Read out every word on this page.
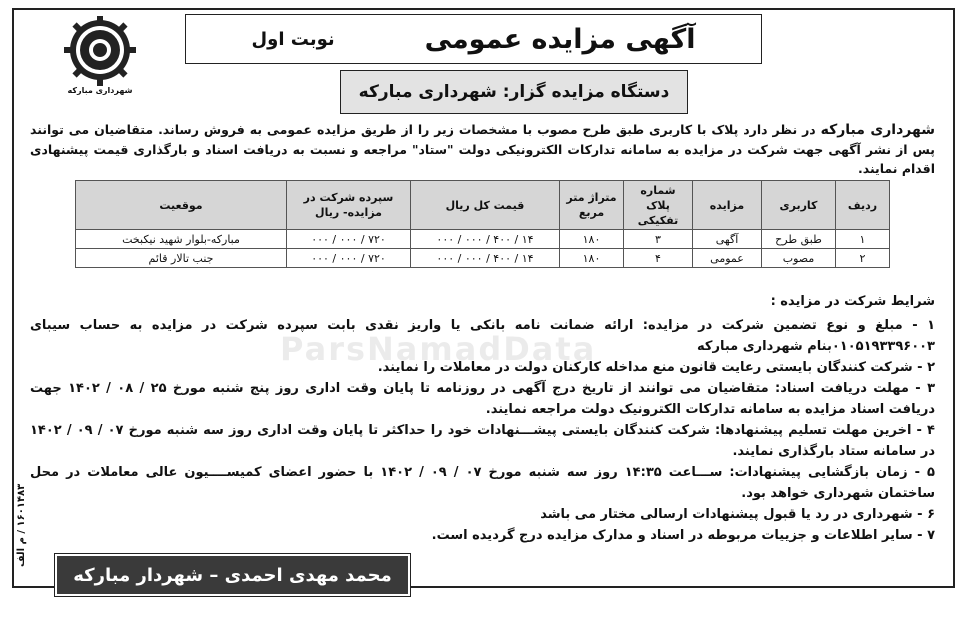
شهرداری مبارکه
آگهی مزایده عمومی
نوبت اول
دستگاه مزایده گزار: شهرداری مبارکه
شهرداری مبارکه در نظر دارد پلاک با کاربری طبق طرح مصوب با مشخصات زیر را از طریق مزایده عمومی به فروش رساند. متقاضیان می توانند پس از نشر آگهی جهت شرکت در مزایده به سامانه تدارکات الکترونیکی دولت "ستاد" مراجعه و نسبت به دریافت اسناد و بارگذاری قیمت پیشنهادی اقدام نمایند.
ردیف	کاربری	مزایده	شماره پلاک تفکیکی	متراژ متر مربع	قیمت کل ریال	سپرده شرکت در مزایده- ریال	موقعیت
۱	طبق طرح	آگهی	۳	۱۸۰	۱۴ / ۴۰۰ / ۰۰۰ / ۰۰۰	۷۲۰ / ۰۰۰ / ۰۰۰	مبارکه-بلوار شهید نیکبخت
۲	مصوب	عمومی	۴	۱۸۰	۱۴ / ۴۰۰ / ۰۰۰ / ۰۰۰	۷۲۰ / ۰۰۰ / ۰۰۰	جنب تالار قائم
ParsNamadData
شرایط شرکت در مزایده :

۱ - مبلغ و نوع تضمین شرکت در مزایده: ارائه ضمانت نامه بانکی یا واریز نقدی بابت سپرده شرکت در مزایده به حساب سیبای ۰۱۰۵۱۹۳۳۹۶۰۰۳بنام شهرداری مبارکه

۲ - شرکت کنندگان بایستی رعایت قانون منع مداخله کارکنان دولت در معاملات را نمایند.

۳ - مهلت دریافت اسناد: متقاضیان می توانند از تاریخ درج آگهی در روزنامه تا پایان وقت اداری روز پنج شنبه مورخ ۲۵ / ۰۸ / ۱۴۰۲ جهت دریافت اسناد مزایده به سامانه تدارکات الکترونیک دولت مراجعه نمایند.

۴ - اخرین مهلت تسلیم پیشنهادها: شرکت کنندگان بایستی پیشـــنهادات خود را حداکثر تا پایان وقت اداری روز سه شنبه مورخ ۰۷ / ۰۹ / ۱۴۰۲ در سامانه ستاد بارگذاری نمایند.

۵ - زمان بازگشایی پیشنهادات: ســـاعت ۱۴:۳۵ روز سه شنبه مورخ ۰۷ / ۰۹ / ۱۴۰۲ با حضور اعضای کمیســــیون عالی معاملات در محل ساختمان شهرداری خواهد بود.

۶ - شهرداری در رد یا قبول پیشنهادات ارسالی مختار می باشد

۷ - سایر اطلاعات و جزییات مربوطه در اسناد و مدارک مزایده درج گردیده است.

محمد مهدی احمدی – شهردار مبارکه
۱۶۰۱۴۸۳ / م الف
